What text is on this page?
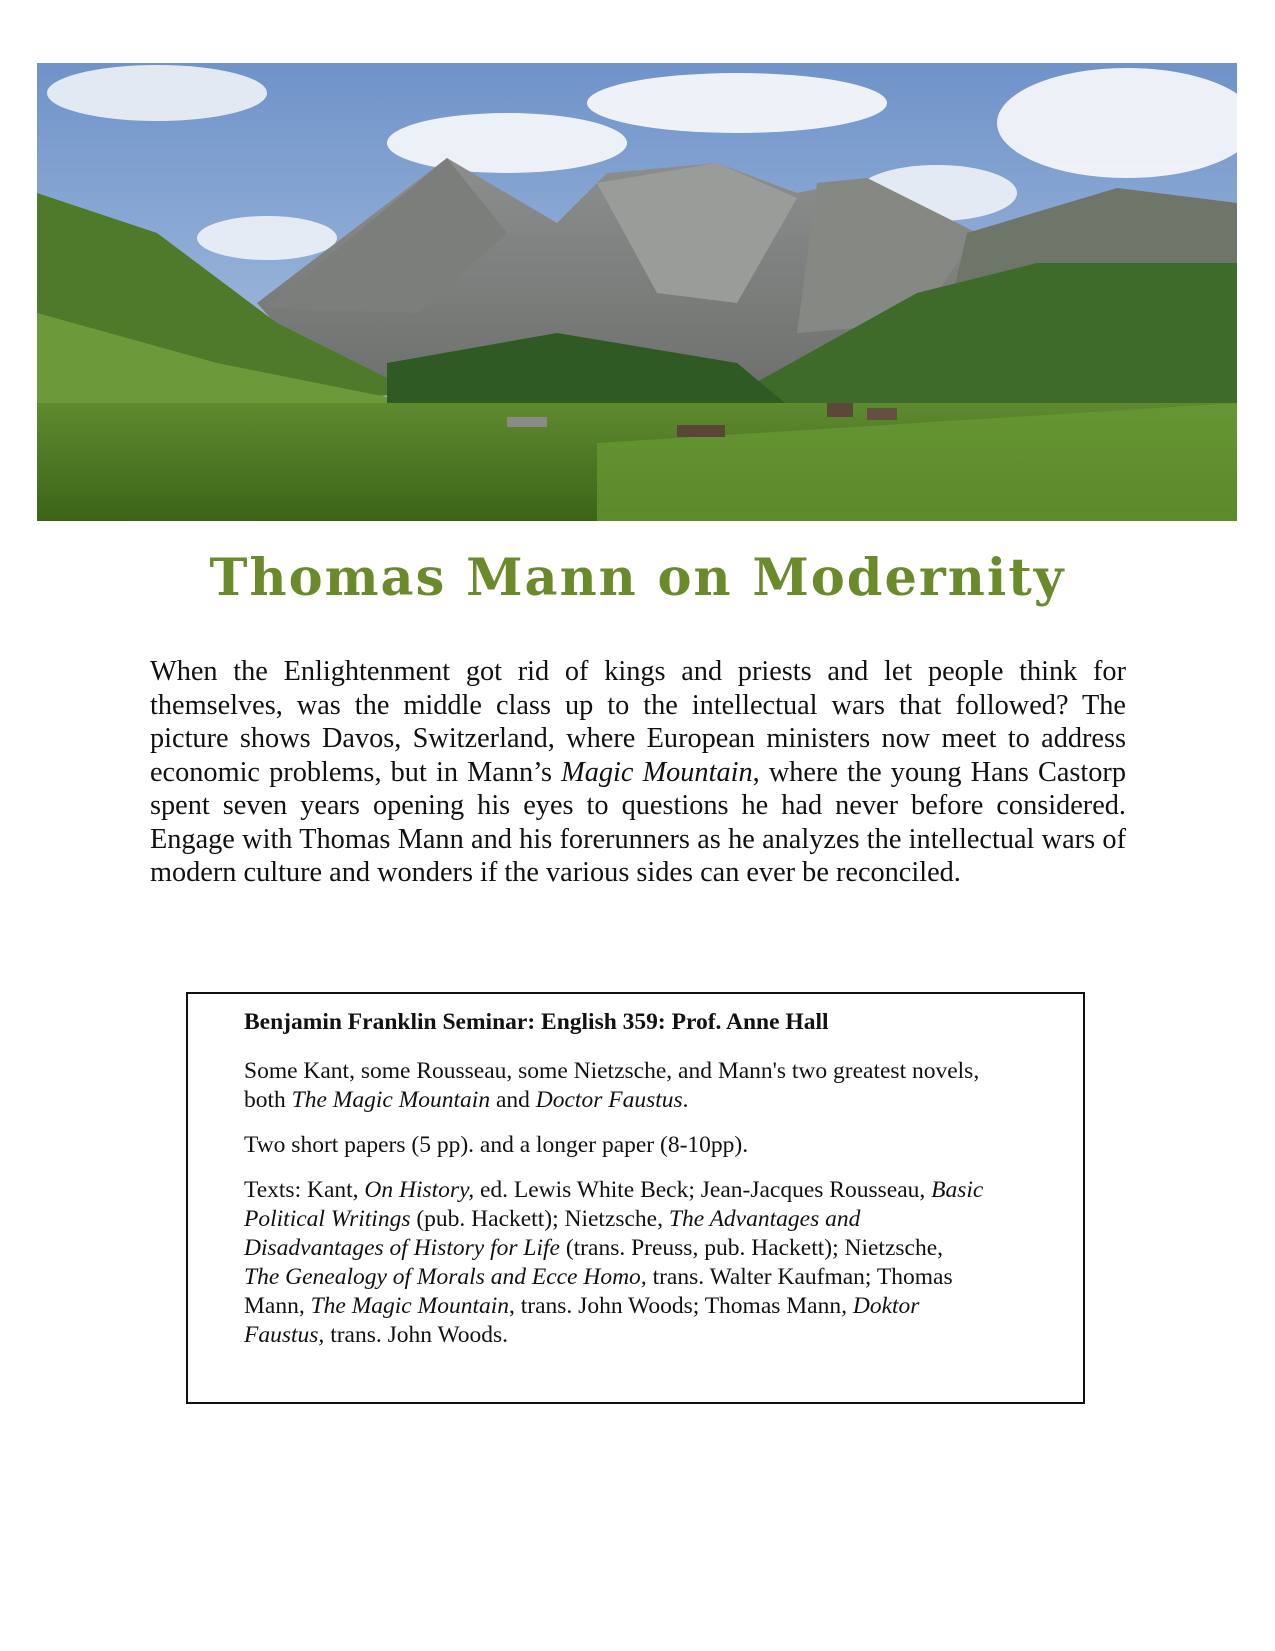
Thomas Mann on Modernity

When the Enlightenment got rid of kings and priests and let people think for themselves, was the middle class up to the intellectual wars that followed? The picture shows Davos, Switzerland, where European ministers now meet to address economic problems, but in Mann’s Magic Mountain, where the young Hans Castorp spent seven years opening his eyes to questions he had never before considered. Engage with Thomas Mann and his forerunners as he analyzes the intellectual wars of modern culture and wonders if the various sides can ever be reconciled.

Benjamin Franklin Seminar: English 359: Prof. Anne Hall

Some Kant, some Rousseau, some Nietzsche, and Mann's two greatest novels, both The Magic Mountain and Doctor Faustus.

Two short papers (5 pp). and a longer paper (8-10pp).

Texts: Kant, On History, ed. Lewis White Beck; Jean-Jacques Rousseau, Basic Political Writings (pub. Hackett); Nietzsche, The Advantages and Disadvantages of History for Life (trans. Preuss, pub. Hackett); Nietzsche, The Genealogy of Morals and Ecce Homo, trans. Walter Kaufman; Thomas Mann, The Magic Mountain, trans. John Woods; Thomas Mann, Doktor Faustus, trans. John Woods.
